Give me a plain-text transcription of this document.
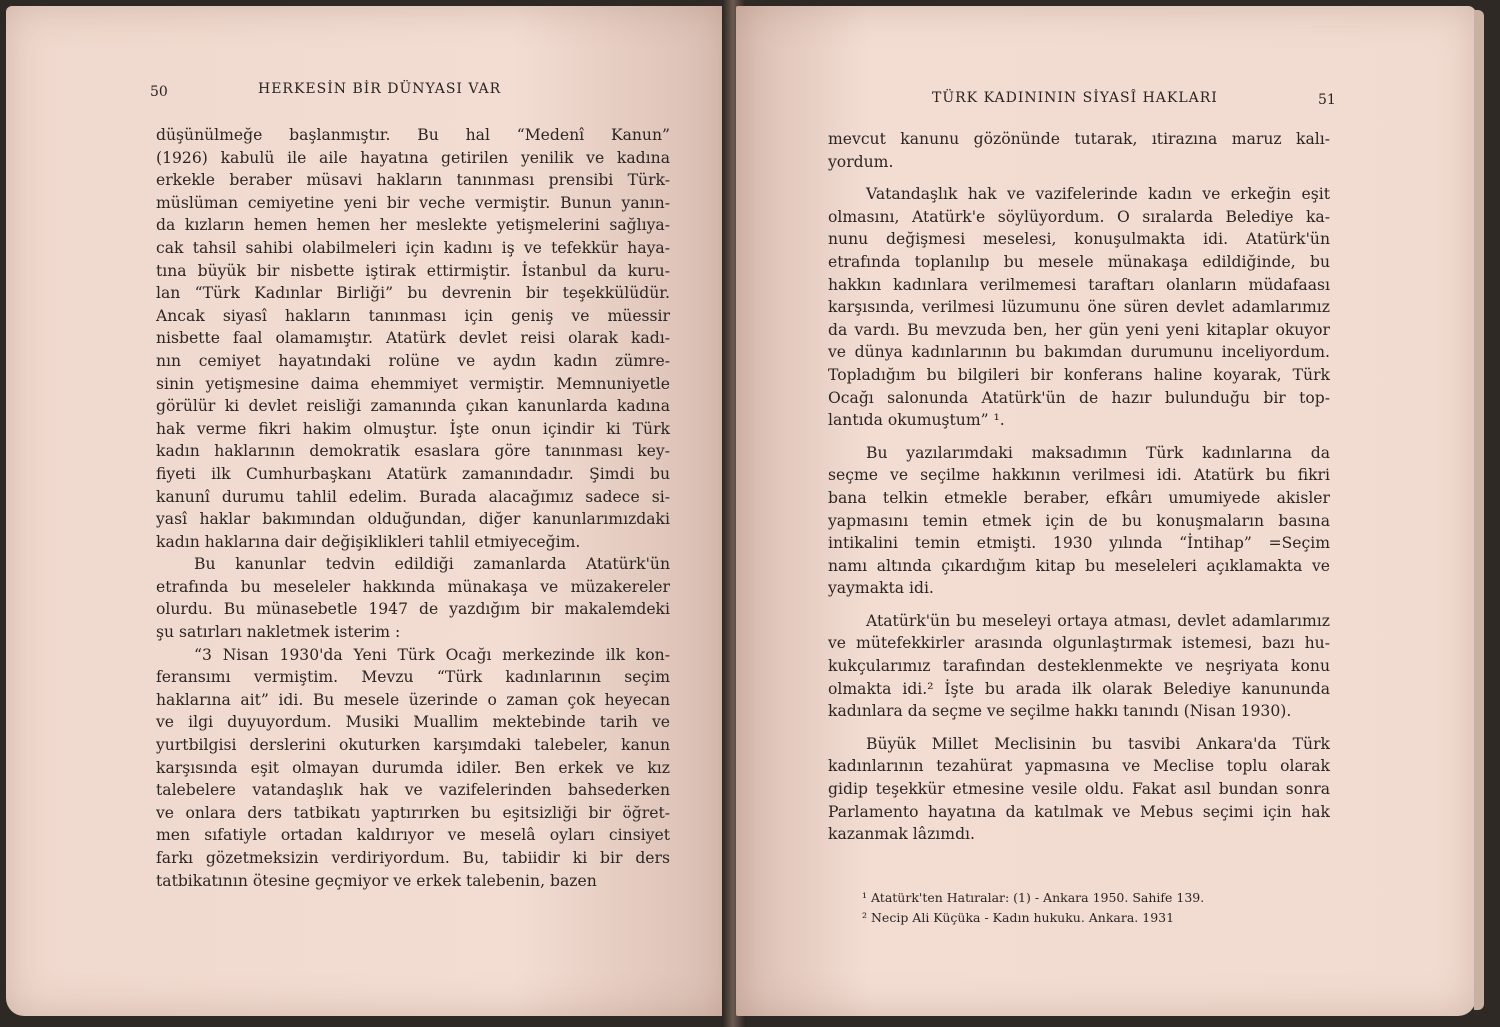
50	HERKESİN BİR DÜNYASI VAR
düşünülmeğe başlanmıştır. Bu hal “Medenî Kanun”
(1926) kabulü ile aile hayatına getirilen yenilik ve kadına
erkekle beraber müsavi hakların tanınması prensibi Türk-
müslüman cemiyetine yeni bir veche vermiştir. Bunun yanın-
da kızların hemen hemen her meslekte yetişmelerini sağlıya-
cak tahsil sahibi olabilmeleri için kadını iş ve tefekkür haya-
tına büyük bir nisbette iştirak ettirmiştir. İstanbul da kuru-
lan “Türk Kadınlar Birliği” bu devrenin bir teşekkülüdür.
Ancak siyasî hakların tanınması için geniş ve müessir
nisbette faal olamamıştır. Atatürk devlet reisi olarak kadı-
nın cemiyet hayatındaki rolüne ve aydın kadın zümre-
sinin yetişmesine daima ehemmiyet vermiştir. Memnuniyetle
görülür ki devlet reisliği zamanında çıkan kanunlarda kadına
hak verme fikri hakim olmuştur. İşte onun içindir ki Türk
kadın haklarının demokratik esaslara göre tanınması key-
fiyeti ilk Cumhurbaşkanı Atatürk zamanındadır. Şimdi bu
kanunî durumu tahlil edelim. Burada alacağımız sadece si-
yasî haklar bakımından olduğundan, diğer kanunlarımızdaki
kadın haklarına dair değişiklikleri tahlil etmiyeceğim.
Bu kanunlar tedvin edildiği zamanlarda Atatürk'ün
etrafında bu meseleler hakkında münakaşa ve müzakereler
olurdu. Bu münasebetle 1947 de yazdığım bir makalemdeki
şu satırları nakletmek isterim :
“3 Nisan 1930'da Yeni Türk Ocağı merkezinde ilk kon-
feransımı vermiştim. Mevzu “Türk kadınlarının seçim
haklarına ait” idi. Bu mesele üzerinde o zaman çok heyecan
ve ilgi duyuyordum. Musiki Muallim mektebinde tarih ve
yurtbilgisi derslerini okuturken karşımdaki talebeler, kanun
karşısında eşit olmayan durumda idiler. Ben erkek ve kız
talebelere vatandaşlık hak ve vazifelerinden bahsederken
ve onlara ders tatbikatı yaptırırken bu eşitsizliği bir öğret-
men sıfatiyle ortadan kaldırıyor ve meselâ oyları cinsiyet
farkı gözetmeksizin verdiriyordum. Bu, tabiidir ki bir ders
tatbikatının ötesine geçmiyor ve erkek talebenin, bazen
TÜRK KADINININ SİYASÎ HAKLARI	51
mevcut kanunu gözönünde tutarak, ıtirazına maruz kalı-
yordum.
Vatandaşlık hak ve vazifelerinde kadın ve erkeğin eşit
olmasını, Atatürk'e söylüyordum. O sıralarda Belediye ka-
nunu değişmesi meselesi, konuşulmakta idi. Atatürk'ün
etrafında toplanılıp bu mesele münakaşa edildiğinde, bu
hakkın kadınlara verilmemesi taraftarı olanların müdafaası
karşısında, verilmesi lüzumunu öne süren devlet adamlarımız
da vardı. Bu mevzuda ben, her gün yeni yeni kitaplar okuyor
ve dünya kadınlarının bu bakımdan durumunu inceliyordum.
Topladığım bu bilgileri bir konferans haline koyarak, Türk
Ocağı salonunda Atatürk'ün de hazır bulunduğu bir top-
lantıda okumuştum” ¹.
Bu yazılarımdaki maksadımın Türk kadınlarına da
seçme ve seçilme hakkının verilmesi idi. Atatürk bu fikri
bana telkin etmekle beraber, efkârı umumiyede akisler
yapmasını temin etmek için de bu konuşmaların basına
intikalini temin etmişti. 1930 yılında “İntihap” =Seçim
namı altında çıkardığım kitap bu meseleleri açıklamakta ve
yaymakta idi.
Atatürk'ün bu meseleyi ortaya atması, devlet adamlarımız
ve mütefekkirler arasında olgunlaştırmak istemesi, bazı hu-
kukçularımız tarafından desteklenmekte ve neşriyata konu
olmakta idi.² İşte bu arada ilk olarak Belediye kanununda
kadınlara da seçme ve seçilme hakkı tanındı (Nisan 1930).
Büyük Millet Meclisinin bu tasvibi Ankara'da Türk
kadınlarının tezahürat yapmasına ve Meclise toplu olarak
gidip teşekkür etmesine vesile oldu. Fakat asıl bundan sonra
Parlamento hayatına da katılmak ve Mebus seçimi için hak
kazanmak lâzımdı.
¹ Atatürk'ten Hatıralar: (1) - Ankara 1950. Sahife 139.
² Necip Ali Küçüka - Kadın hukuku. Ankara. 1931
